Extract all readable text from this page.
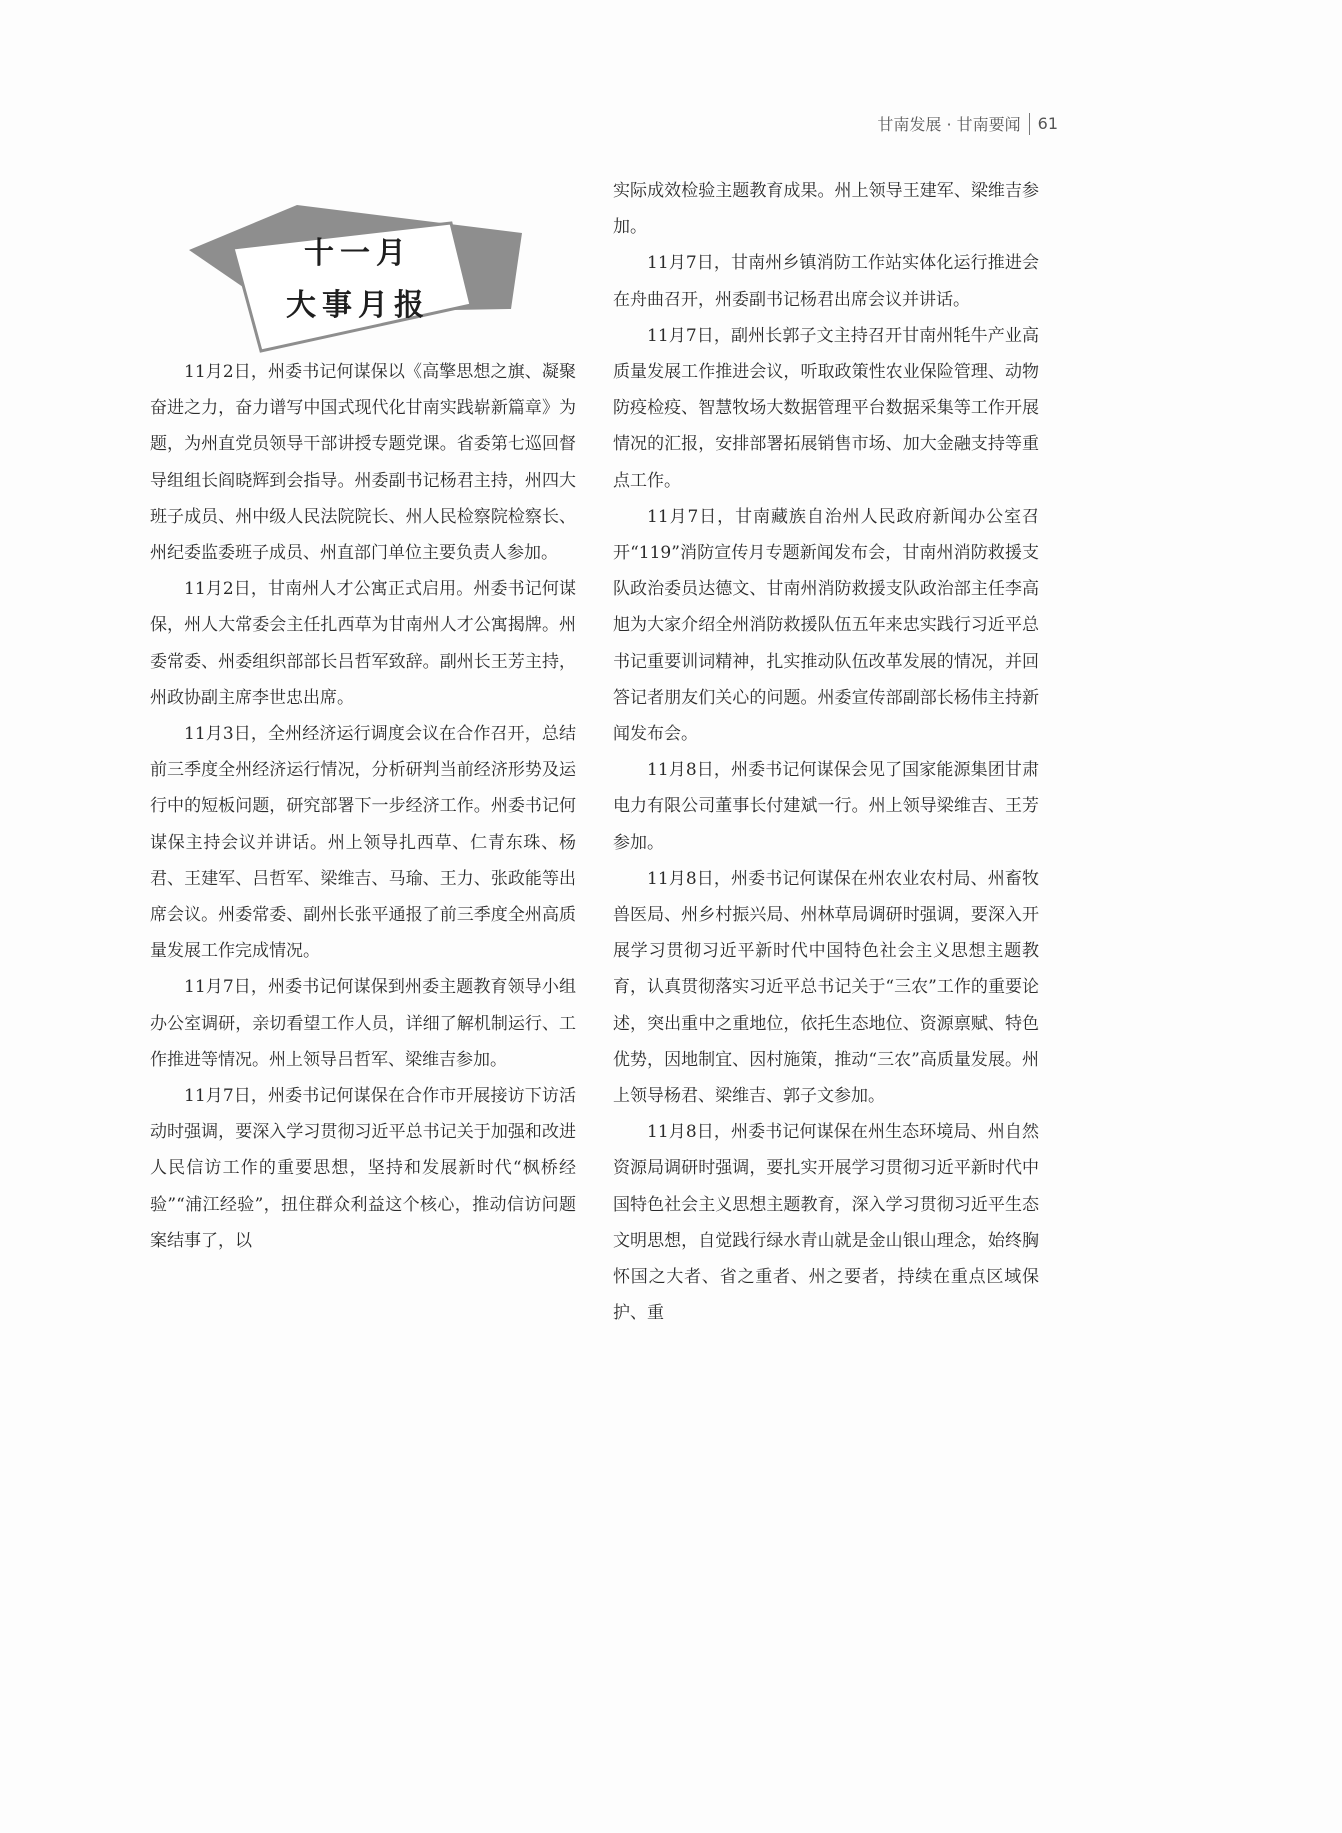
甘南发展 · 甘南要闻 61
十一月
大事月报

11月2日，州委书记何谋保以《高擎思想之旗、凝聚奋进之力，奋力谱写中国式现代化甘南实践崭新篇章》为题，为州直党员领导干部讲授专题党课。省委第七巡回督导组组长阎晓辉到会指导。州委副书记杨君主持，州四大班子成员、州中级人民法院院长、州人民检察院检察长、州纪委监委班子成员、州直部门单位主要负责人参加。

11月2日，甘南州人才公寓正式启用。州委书记何谋保，州人大常委会主任扎西草为甘南州人才公寓揭牌。州委常委、州委组织部部长吕哲军致辞。副州长王芳主持，州政协副主席李世忠出席。

11月3日，全州经济运行调度会议在合作召开，总结前三季度全州经济运行情况，分析研判当前经济形势及运行中的短板问题，研究部署下一步经济工作。州委书记何谋保主持会议并讲话。州上领导扎西草、仁青东珠、杨君、王建军、吕哲军、梁维吉、马瑜、王力、张政能等出席会议。州委常委、副州长张平通报了前三季度全州高质量发展工作完成情况。

11月7日，州委书记何谋保到州委主题教育领导小组办公室调研，亲切看望工作人员，详细了解机制运行、工作推进等情况。州上领导吕哲军、梁维吉参加。

11月7日，州委书记何谋保在合作市开展接访下访活动时强调，要深入学习贯彻习近平总书记关于加强和改进人民信访工作的重要思想，坚持和发展新时代“枫桥经验”“浦江经验”，扭住群众利益这个核心，推动信访问题案结事了，以

实际成效检验主题教育成果。州上领导王建军、梁维吉参加。

11月7日，甘南州乡镇消防工作站实体化运行推进会在舟曲召开，州委副书记杨君出席会议并讲话。

11月7日，副州长郭子文主持召开甘南州牦牛产业高质量发展工作推进会议，听取政策性农业保险管理、动物防疫检疫、智慧牧场大数据管理平台数据采集等工作开展情况的汇报，安排部署拓展销售市场、加大金融支持等重点工作。

11月7日，甘南藏族自治州人民政府新闻办公室召开“119”消防宣传月专题新闻发布会，甘南州消防救援支队政治委员达德文、甘南州消防救援支队政治部主任李高旭为大家介绍全州消防救援队伍五年来忠实践行习近平总书记重要训词精神，扎实推动队伍改革发展的情况，并回答记者朋友们关心的问题。州委宣传部副部长杨伟主持新闻发布会。

11月8日，州委书记何谋保会见了国家能源集团甘肃电力有限公司董事长付建斌一行。州上领导梁维吉、王芳参加。

11月8日，州委书记何谋保在州农业农村局、州畜牧兽医局、州乡村振兴局、州林草局调研时强调，要深入开展学习贯彻习近平新时代中国特色社会主义思想主题教育，认真贯彻落实习近平总书记关于“三农”工作的重要论述，突出重中之重地位，依托生态地位、资源禀赋、特色优势，因地制宜、因村施策，推动“三农”高质量发展。州上领导杨君、梁维吉、郭子文参加。

11月8日，州委书记何谋保在州生态环境局、州自然资源局调研时强调，要扎实开展学习贯彻习近平新时代中国特色社会主义思想主题教育，深入学习贯彻习近平生态文明思想，自觉践行绿水青山就是金山银山理念，始终胸怀国之大者、省之重者、州之要者，持续在重点区域保护、重
